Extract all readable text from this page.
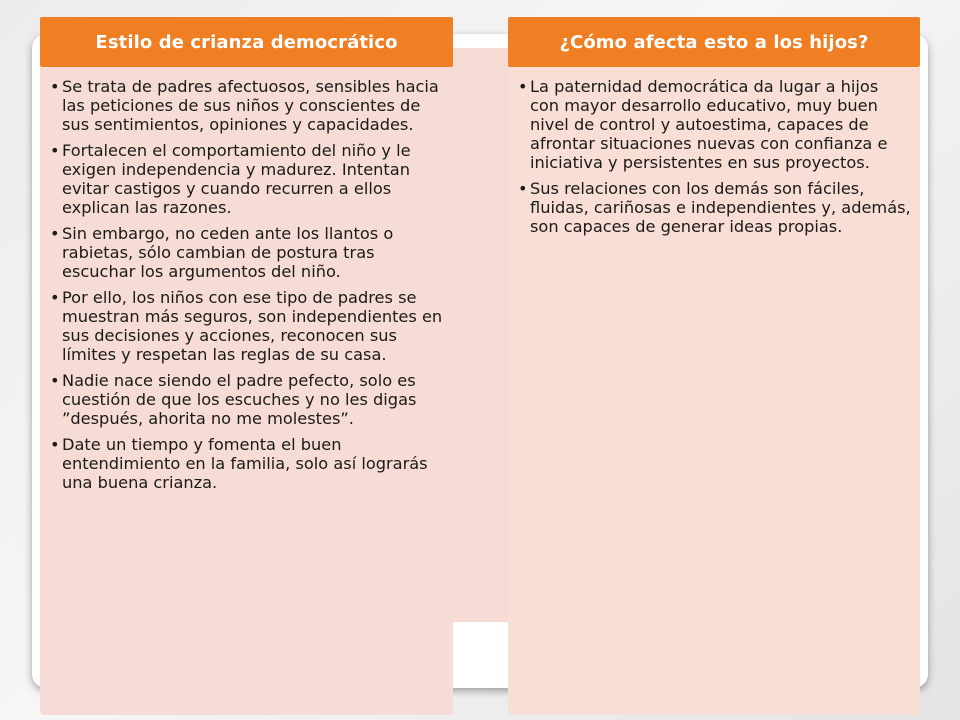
Estilo de crianza democrático
• Se trata de padres afectuosos, sensibles hacia las peticiones de sus niños y conscientes de sus sentimientos, opiniones y capacidades.
• Fortalecen el comportamiento del niño y le exigen independencia y madurez. Intentan evitar castigos y cuando recurren a ellos explican las razones.
• Sin embargo, no ceden ante los llantos o rabietas, sólo cambian de postura tras escuchar los argumentos del niño.
• Por ello, los niños con ese tipo de padres se muestran más seguros, son independientes en sus decisiones y acciones, reconocen sus límites y respetan las reglas de su casa.
• Nadie nace siendo el padre pefecto, solo es cuestión de que los escuches y no les digas ”después, ahorita no me molestes”.
• Date un tiempo y fomenta el buen entendimiento en la familia, solo así lograrás una buena crianza.
¿Cómo afecta esto a los hijos?
• La paternidad democrática da lugar a hijos con mayor desarrollo educativo, muy buen nivel de control y autoestima, capaces de afrontar situaciones nuevas con confianza e iniciativa y persistentes en sus proyectos.
• Sus relaciones con los demás son fáciles, fluidas, cariñosas e independientes y, además, son capaces de generar ideas propias.
